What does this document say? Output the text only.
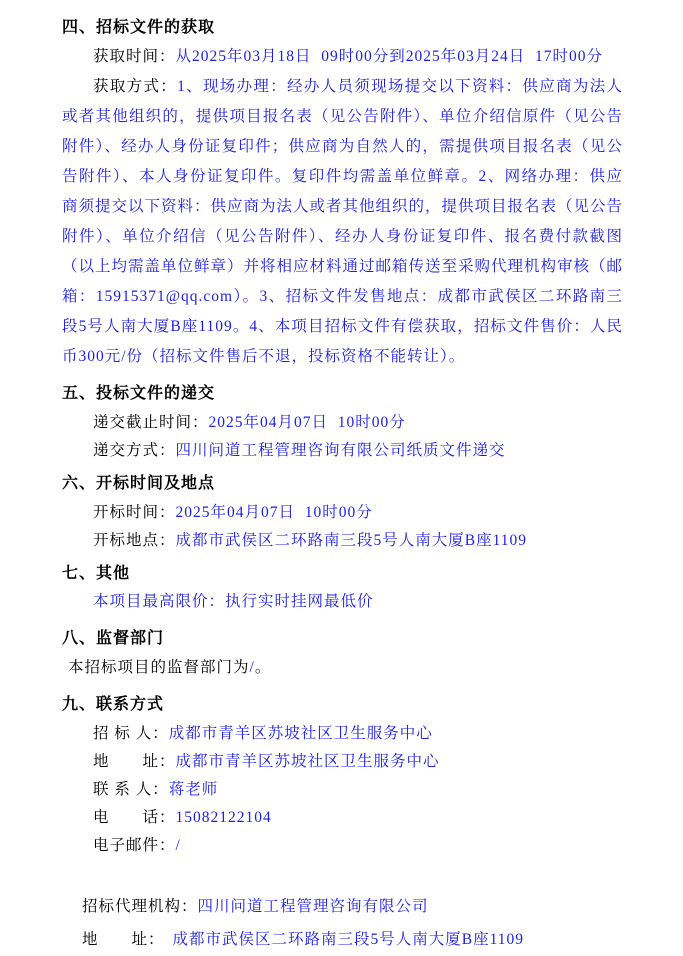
四、招标文件的获取
获取时间：从2025年03月18日  09时00分到2025年03月24日  17时00分

获取方式：1、现场办理：经办人员须现场提交以下资料：供应商为法人或者其他组织的，提供项目报名表（见公告附件）、单位介绍信原件（见公告附件）、经办人身份证复印件；供应商为自然人的，需提供项目报名表（见公告附件）、本人身份证复印件。复印件均需盖单位鲜章。2、网络办理：供应商须提交以下资料：供应商为法人或者其他组织的，提供项目报名表（见公告附件）、单位介绍信（见公告附件）、经办人身份证复印件、报名费付款截图（以上均需盖单位鲜章）并将相应材料通过邮箱传送至采购代理机构审核（邮箱：15915371@qq.com）。3、招标文件发售地点：成都市武侯区二环路南三段5号人南大厦B座1109。4、本项目招标文件有偿获取，招标文件售价：人民币300元/份（招标文件售后不退，投标资格不能转让）。

五、投标文件的递交
递交截止时间：2025年04月07日  10时00分
递交方式：四川问道工程管理咨询有限公司纸质文件递交
六、开标时间及地点
开标时间：2025年04月07日  10时00分
开标地点：成都市武侯区二环路南三段5号人南大厦B座1109
七、其他
本项目最高限价：执行实时挂网最低价
八、监督部门
本招标项目的监督部门为/。
九、联系方式
招 标 人：成都市青羊区苏坡社区卫生服务中心
地　　址：成都市青羊区苏坡社区卫生服务中心
联 系 人：蒋老师
电　　话：15082122104
电子邮件：/
招标代理机构：四川问道工程管理咨询有限公司
地　　址： 成都市武侯区二环路南三段5号人南大厦B座1109
